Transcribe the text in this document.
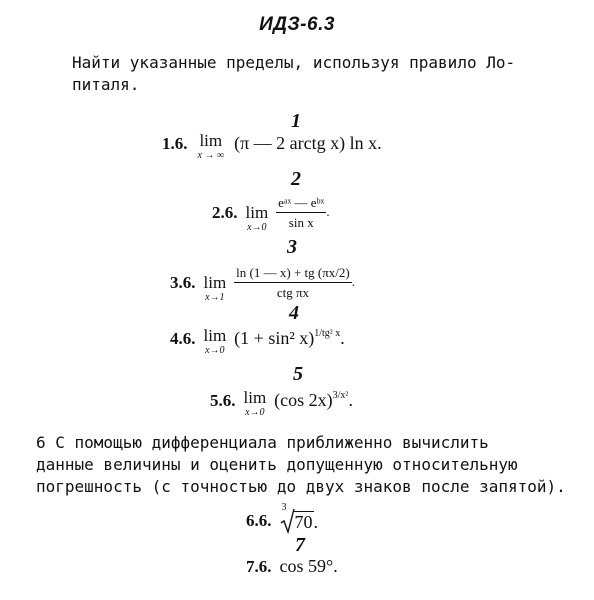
ИДЗ-6.3
Найти указанные пределы, используя правило Ло-
питаля.
1
1.6. lim
x → ∞
(π — 2 arctg x) ln x.
2
2.6. lim
$x\to 0 \frac{\text{eᵃˣ — eᵇˣ}}{\text{sin x}}$ .
3
3.6. lim
$x\to 1 \frac{\ln (1 — x) + tg (\pi x/2)}{\text{ctg πx}}$ .
4
4.6. lim
x→0
(1 + sin² x)$^{1/tg^2 x}$.
5
5.6. lim
x→0
(cos 2x)$^{3/x^2}$.
6 С помощью дифференциала приближенно вычислить
данные величины и оценить допущенную относительную
погрешность (с точностью до двух знаков после запятой).
6.6.
3
70.
7
7.6. cos 59°.
